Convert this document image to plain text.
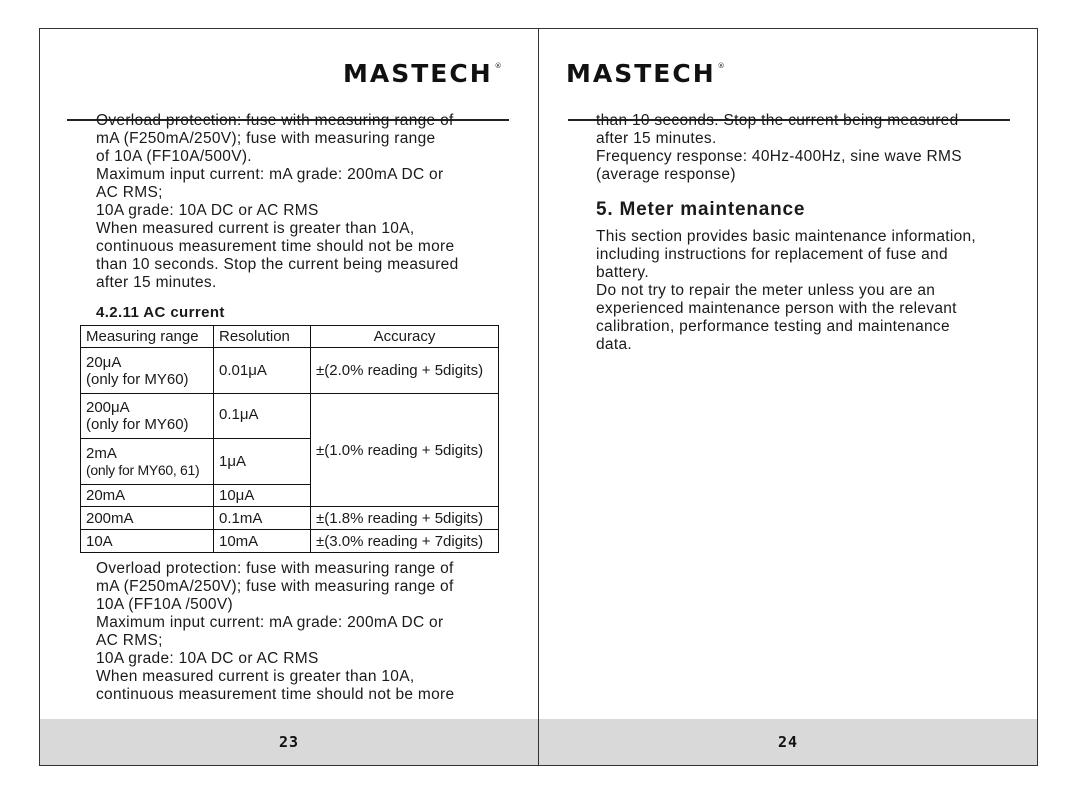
MASTECH ®
Overload protection: fuse with measuring range of
mA (F250mA/250V); fuse with measuring range
of 10A (FF10A/500V).
Maximum input current: mA grade: 200mA DC or
AC RMS;
10A grade: 10A DC or AC RMS
When measured current is greater than 10A,
continuous measurement time should not be more
than 10 seconds. Stop the current being measured
after 15 minutes.
4.2.11 AC current
Measuring range	Resolution	Accuracy

20μA
(only for MY60)	0.01μA	±(2.0% reading + 5digits)

200μA
(only for MY60)	0.1μA	±(1.0% reading + 5digits)

2mA
(only for MY60, 61)	1μA	
20mA	10μA	
200mA	0.1mA	±(1.8% reading + 5digits)
10A	10mA	±(3.0% reading + 7digits)
Overload protection: fuse with measuring range of
mA (F250mA/250V); fuse with measuring range of
10A (FF10A /500V)
Maximum input current: mA grade: 200mA DC or
AC RMS;
10A grade: 10A DC or AC RMS
When measured current is greater than 10A,
continuous measurement time should not be more
23
MASTECH ®
than 10 seconds. Stop the current being measured
after 15 minutes.
Frequency response: 40Hz-400Hz, sine wave RMS
(average response)
5. Meter maintenance
This section provides basic maintenance information,
including instructions for replacement of fuse and
battery.
Do not try to repair the meter unless you are an
experienced maintenance person with the relevant
calibration, performance testing and maintenance
data.
24
